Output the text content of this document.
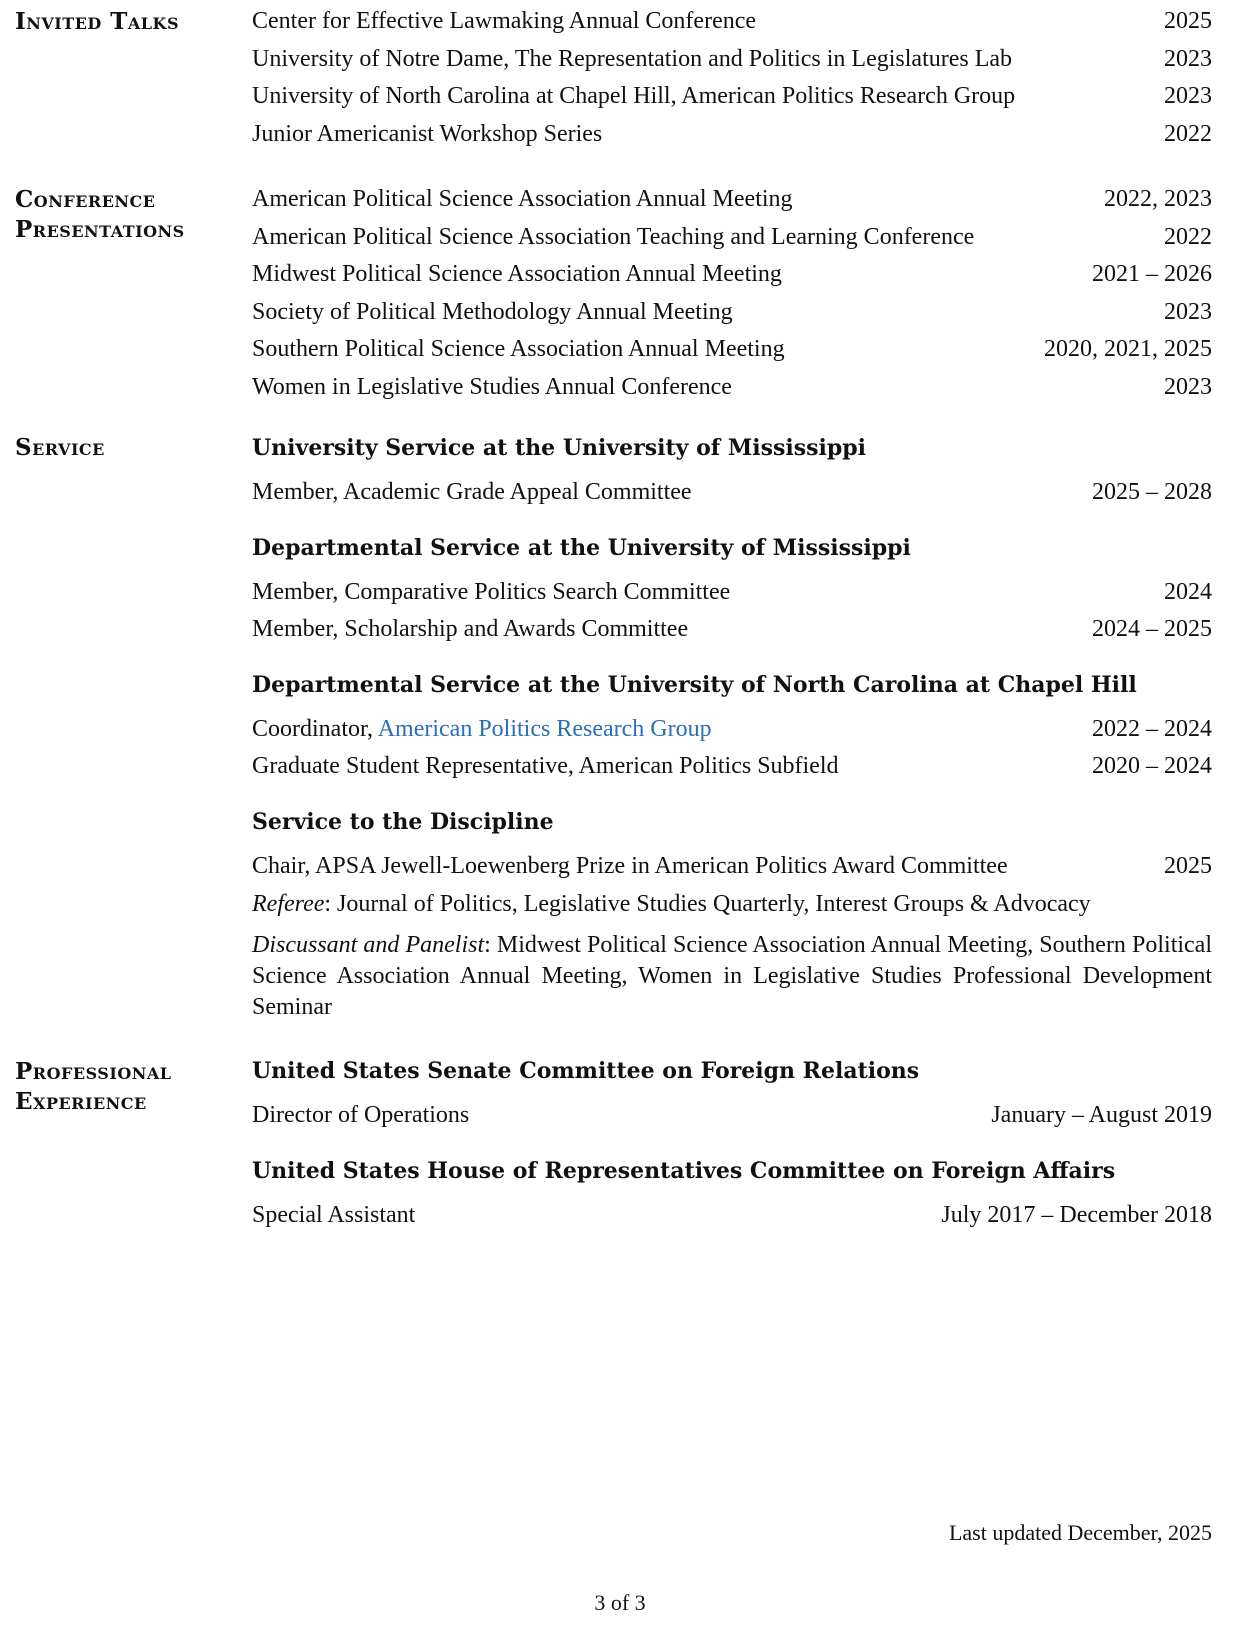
Invited Talks	Center for Effective Lawmaking Annual Conference	2025
University of Notre Dame, The Representation and Politics in Legislatures Lab	2023
University of North Carolina at Chapel Hill, American Politics Research Group	2023
Junior Americanist Workshop Series	2022
Conference
Presentations
American Political Science Association Annual Meeting	2022, 2023
American Political Science Association Teaching and Learning Conference	2022
Midwest Political Science Association Annual Meeting	2021 – 2026
Society of Political Methodology Annual Meeting	2023
Southern Political Science Association Annual Meeting	2020, 2021, 2025
Women in Legislative Studies Annual Conference	2023
Service	University Service at the University of Mississippi
Member, Academic Grade Appeal Committee	2025 – 2028
Departmental Service at the University of Mississippi
Member, Comparative Politics Search Committee	2024
Member, Scholarship and Awards Committee	2024 – 2025
Departmental Service at the University of North Carolina at Chapel Hill
Coordinator, American Politics Research Group	2022 – 2024
Graduate Student Representative, American Politics Subfield	2020 – 2024
Service to the Discipline
Chair, APSA Jewell-Loewenberg Prize in American Politics Award Committee	2025
Referee: Journal of Politics, Legislative Studies Quarterly, Interest Groups & Advocacy
Discussant and Panelist: Midwest Political Science Association Annual Meeting, Southern Political Science Association Annual Meeting, Women in Legislative Studies Professional Development Seminar
Professional
Experience
United States Senate Committee on Foreign Relations
Director of Operations	January – August 2019
United States House of Representatives Committee on Foreign Affairs
Special Assistant	July 2017 – December 2018
Last updated December, 2025
3 of 3
